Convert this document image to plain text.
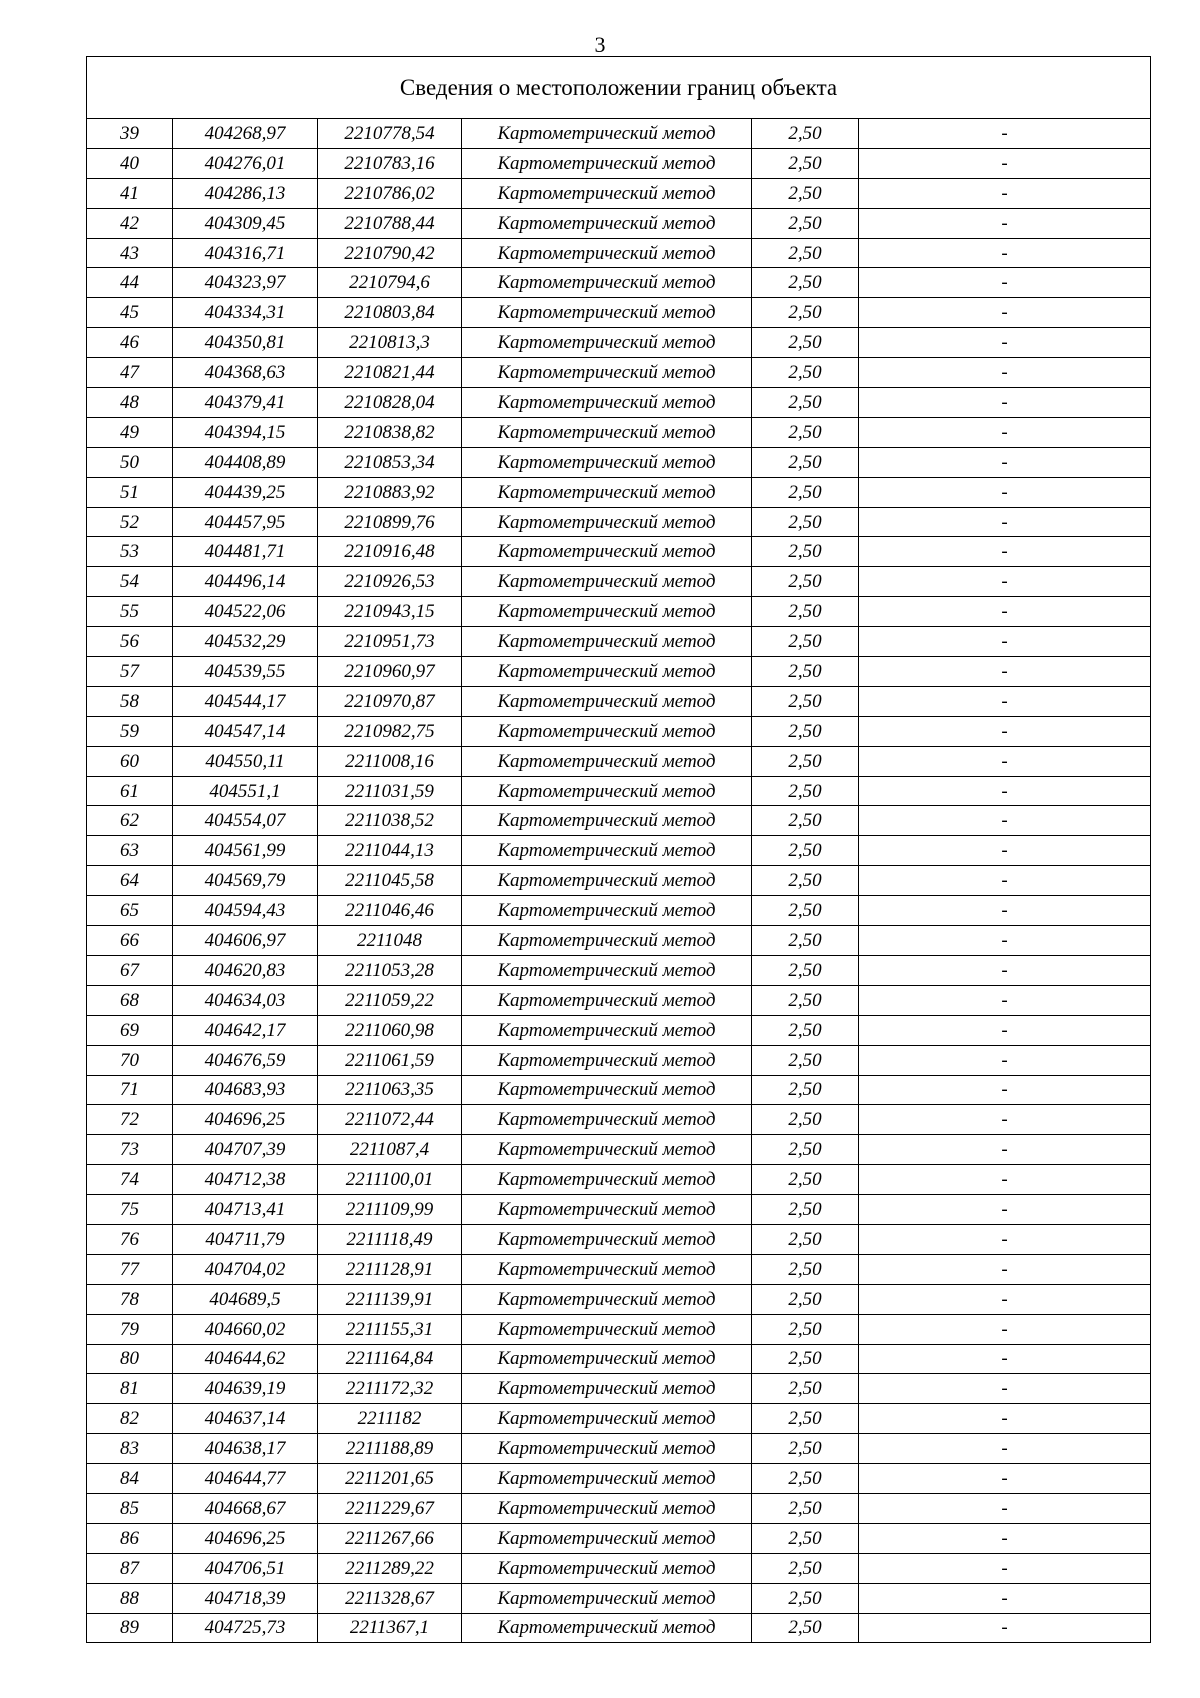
3
Сведения о местоположении границ объекта					
39	404268,97	2210778,54	Картометрический метод	2,50	-
40	404276,01	2210783,16	Картометрический метод	2,50	-
41	404286,13	2210786,02	Картометрический метод	2,50	-
42	404309,45	2210788,44	Картометрический метод	2,50	-
43	404316,71	2210790,42	Картометрический метод	2,50	-
44	404323,97	2210794,6	Картометрический метод	2,50	-
45	404334,31	2210803,84	Картометрический метод	2,50	-
46	404350,81	2210813,3	Картометрический метод	2,50	-
47	404368,63	2210821,44	Картометрический метод	2,50	-
48	404379,41	2210828,04	Картометрический метод	2,50	-
49	404394,15	2210838,82	Картометрический метод	2,50	-
50	404408,89	2210853,34	Картометрический метод	2,50	-
51	404439,25	2210883,92	Картометрический метод	2,50	-
52	404457,95	2210899,76	Картометрический метод	2,50	-
53	404481,71	2210916,48	Картометрический метод	2,50	-
54	404496,14	2210926,53	Картометрический метод	2,50	-
55	404522,06	2210943,15	Картометрический метод	2,50	-
56	404532,29	2210951,73	Картометрический метод	2,50	-
57	404539,55	2210960,97	Картометрический метод	2,50	-
58	404544,17	2210970,87	Картометрический метод	2,50	-
59	404547,14	2210982,75	Картометрический метод	2,50	-
60	404550,11	2211008,16	Картометрический метод	2,50	-
61	404551,1	2211031,59	Картометрический метод	2,50	-
62	404554,07	2211038,52	Картометрический метод	2,50	-
63	404561,99	2211044,13	Картометрический метод	2,50	-
64	404569,79	2211045,58	Картометрический метод	2,50	-
65	404594,43	2211046,46	Картометрический метод	2,50	-
66	404606,97	2211048	Картометрический метод	2,50	-
67	404620,83	2211053,28	Картометрический метод	2,50	-
68	404634,03	2211059,22	Картометрический метод	2,50	-
69	404642,17	2211060,98	Картометрический метод	2,50	-
70	404676,59	2211061,59	Картометрический метод	2,50	-
71	404683,93	2211063,35	Картометрический метод	2,50	-
72	404696,25	2211072,44	Картометрический метод	2,50	-
73	404707,39	2211087,4	Картометрический метод	2,50	-
74	404712,38	2211100,01	Картометрический метод	2,50	-
75	404713,41	2211109,99	Картометрический метод	2,50	-
76	404711,79	2211118,49	Картометрический метод	2,50	-
77	404704,02	2211128,91	Картометрический метод	2,50	-
78	404689,5	2211139,91	Картометрический метод	2,50	-
79	404660,02	2211155,31	Картометрический метод	2,50	-
80	404644,62	2211164,84	Картометрический метод	2,50	-
81	404639,19	2211172,32	Картометрический метод	2,50	-
82	404637,14	2211182	Картометрический метод	2,50	-
83	404638,17	2211188,89	Картометрический метод	2,50	-
84	404644,77	2211201,65	Картометрический метод	2,50	-
85	404668,67	2211229,67	Картометрический метод	2,50	-
86	404696,25	2211267,66	Картометрический метод	2,50	-
87	404706,51	2211289,22	Картометрический метод	2,50	-
88	404718,39	2211328,67	Картометрический метод	2,50	-
89	404725,73	2211367,1	Картометрический метод	2,50	-
